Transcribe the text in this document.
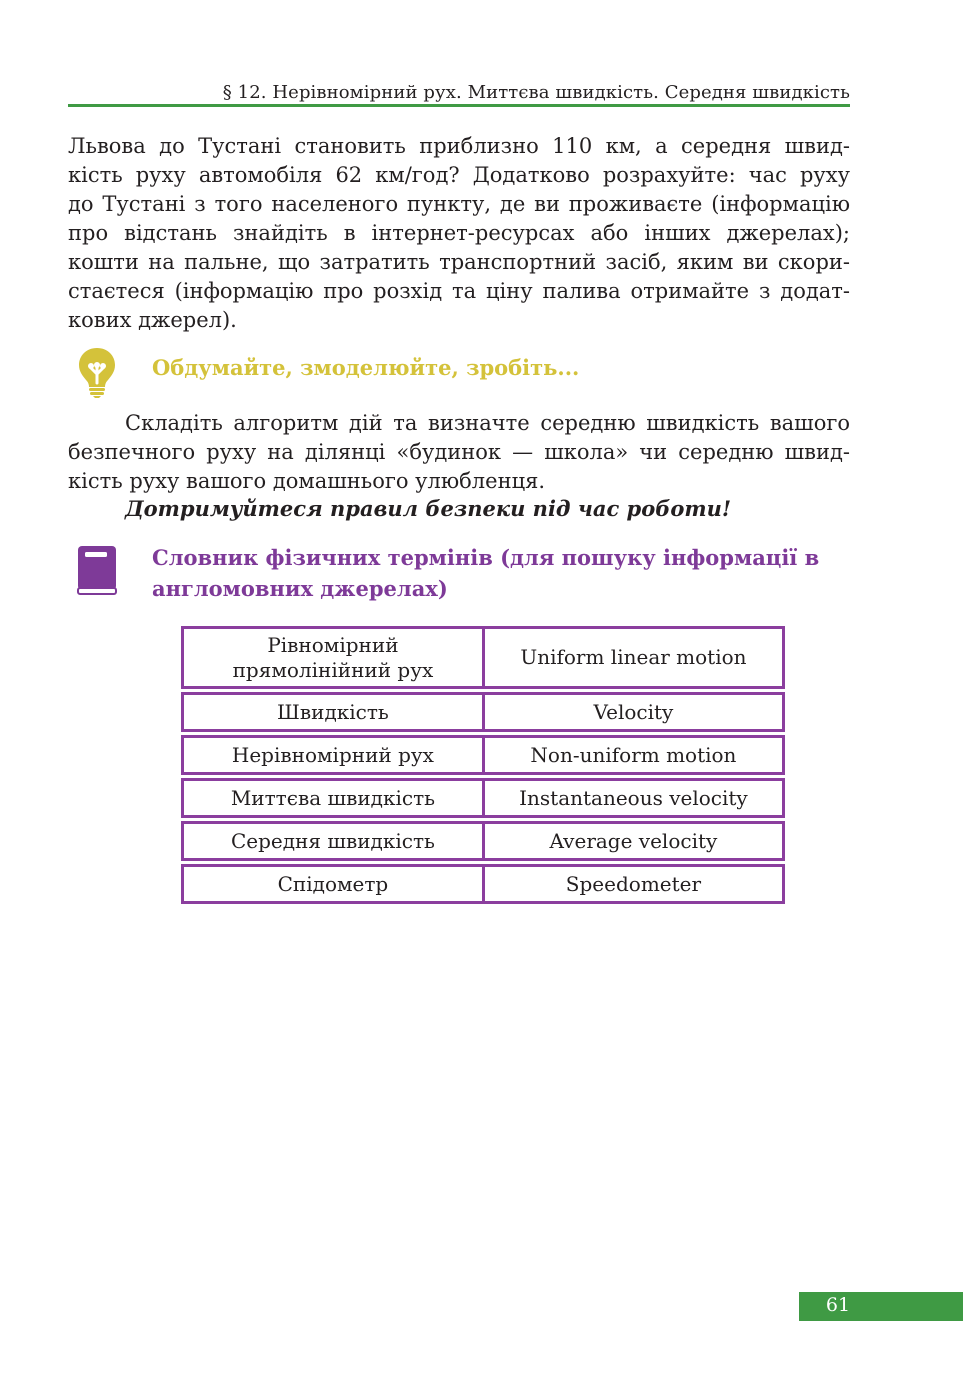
§ 12. Нерівномірний рух. Миттєва швидкість. Середня швидкість
Львова до Тустані становить приблизно 110 км, а середня швид-
кість руху автомобіля 62 км/год? Додатково розрахуйте: час руху
до Тустані з того населеного пункту, де ви проживаєте (інформацію
про відстань знайдіть в інтернет-ресурсах або інших джерелах);
кошти на пальне, що затратить транспортний засіб, яким ви скори-
стаєтеся (інформацію про розхід та ціну палива отримайте з додат-
кових джерел).
Обдумайте, змоделюйте, зробіть...
Складіть алгоритм дій та визначте середню швидкість вашого
безпечного руху на ділянці «будинок — школа» чи середню швид-
кість руху вашого домашнього улюбленця.
Дотримуйтеся правил безпеки під час роботи!
Словник фізичних термінів (для пошуку інформації в
англомовних джерелах)
Рівномірний
прямолінійний рух	Uniform linear motion

Швидкість	Velocity

Нерівномірний рух	Non-uniform motion

Миттєва швидкість	Instantaneous velocity

Середня швидкість	Average velocity

Спідометр	Speedometer
61
